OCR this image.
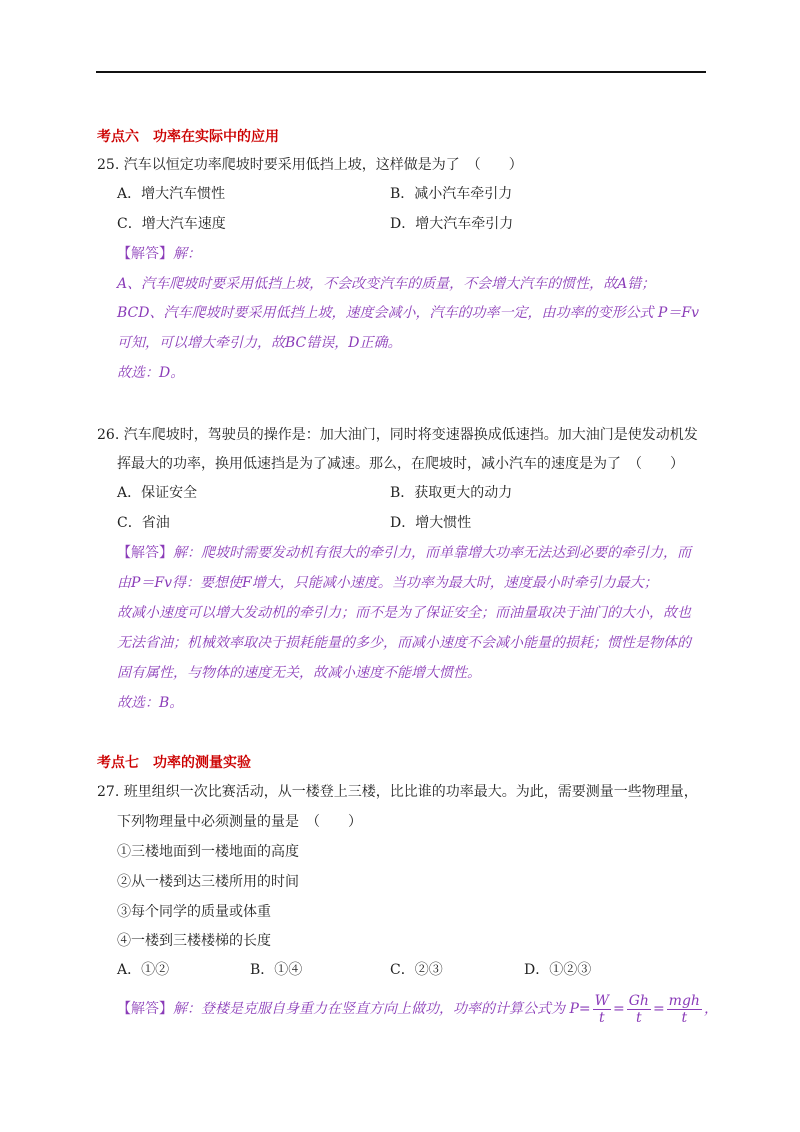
考点六 功率在实际中的应用
25. 汽车以恒定功率爬坡时要采用低挡上坡，这样做是为了　（　　）
A．增大汽车惯性	B．减小汽车牵引力
C．增大汽车速度	D．增大汽车牵引力
【解答】解：
A、汽车爬坡时要采用低挡上坡，不会改变汽车的质量，不会增大汽车的惯性，故A错；
BCD、汽车爬坡时要采用低挡上坡，速度会减小，汽车的功率一定，由功率的变形公式 P＝Fv
可知，可以增大牵引力，故BC错误，D正确。
故选：D。
26. 汽车爬坡时，驾驶员的操作是：加大油门，同时将变速器换成低速挡。加大油门是使发动机发
挥最大的功率，换用低速挡是为了减速。那么，在爬坡时，减小汽车的速度是为了　（　　）
A．保证安全	B．获取更大的动力
C．省油	D．增大惯性
【解答】解：爬坡时需要发动机有很大的牵引力，而单靠增大功率无法达到必要的牵引力，而
由P＝Fv得：要想使F增大，只能减小速度。当功率为最大时，速度最小时牵引力最大；
故减小速度可以增大发动机的牵引力；而不是为了保证安全；而油量取决于油门的大小，故也
无法省油；机械效率取决于损耗能量的多少，而减小速度不会减小能量的损耗；惯性是物体的
固有属性，与物体的速度无关，故减小速度不能增大惯性。
故选：B。
考点七 功率的测量实验
27. 班里组织一次比赛活动，从一楼登上三楼，比比谁的功率最大。为此，需要测量一些物理量，
下列物理量中必须测量的量是　（　　）
①三楼地面到一楼地面的高度
②从一楼到达三楼所用的时间
③每个同学的质量或体重
④一楼到三楼楼梯的长度
A．①②	B．①④	C．②③	D．①②③
【解答】解：登楼是克服自身重力在竖直方向上做功，功率的计算公式为 $P= \frac{W}{t} = \frac{Gh}{t} = \frac{\text{mgh}}{t}$ ，
